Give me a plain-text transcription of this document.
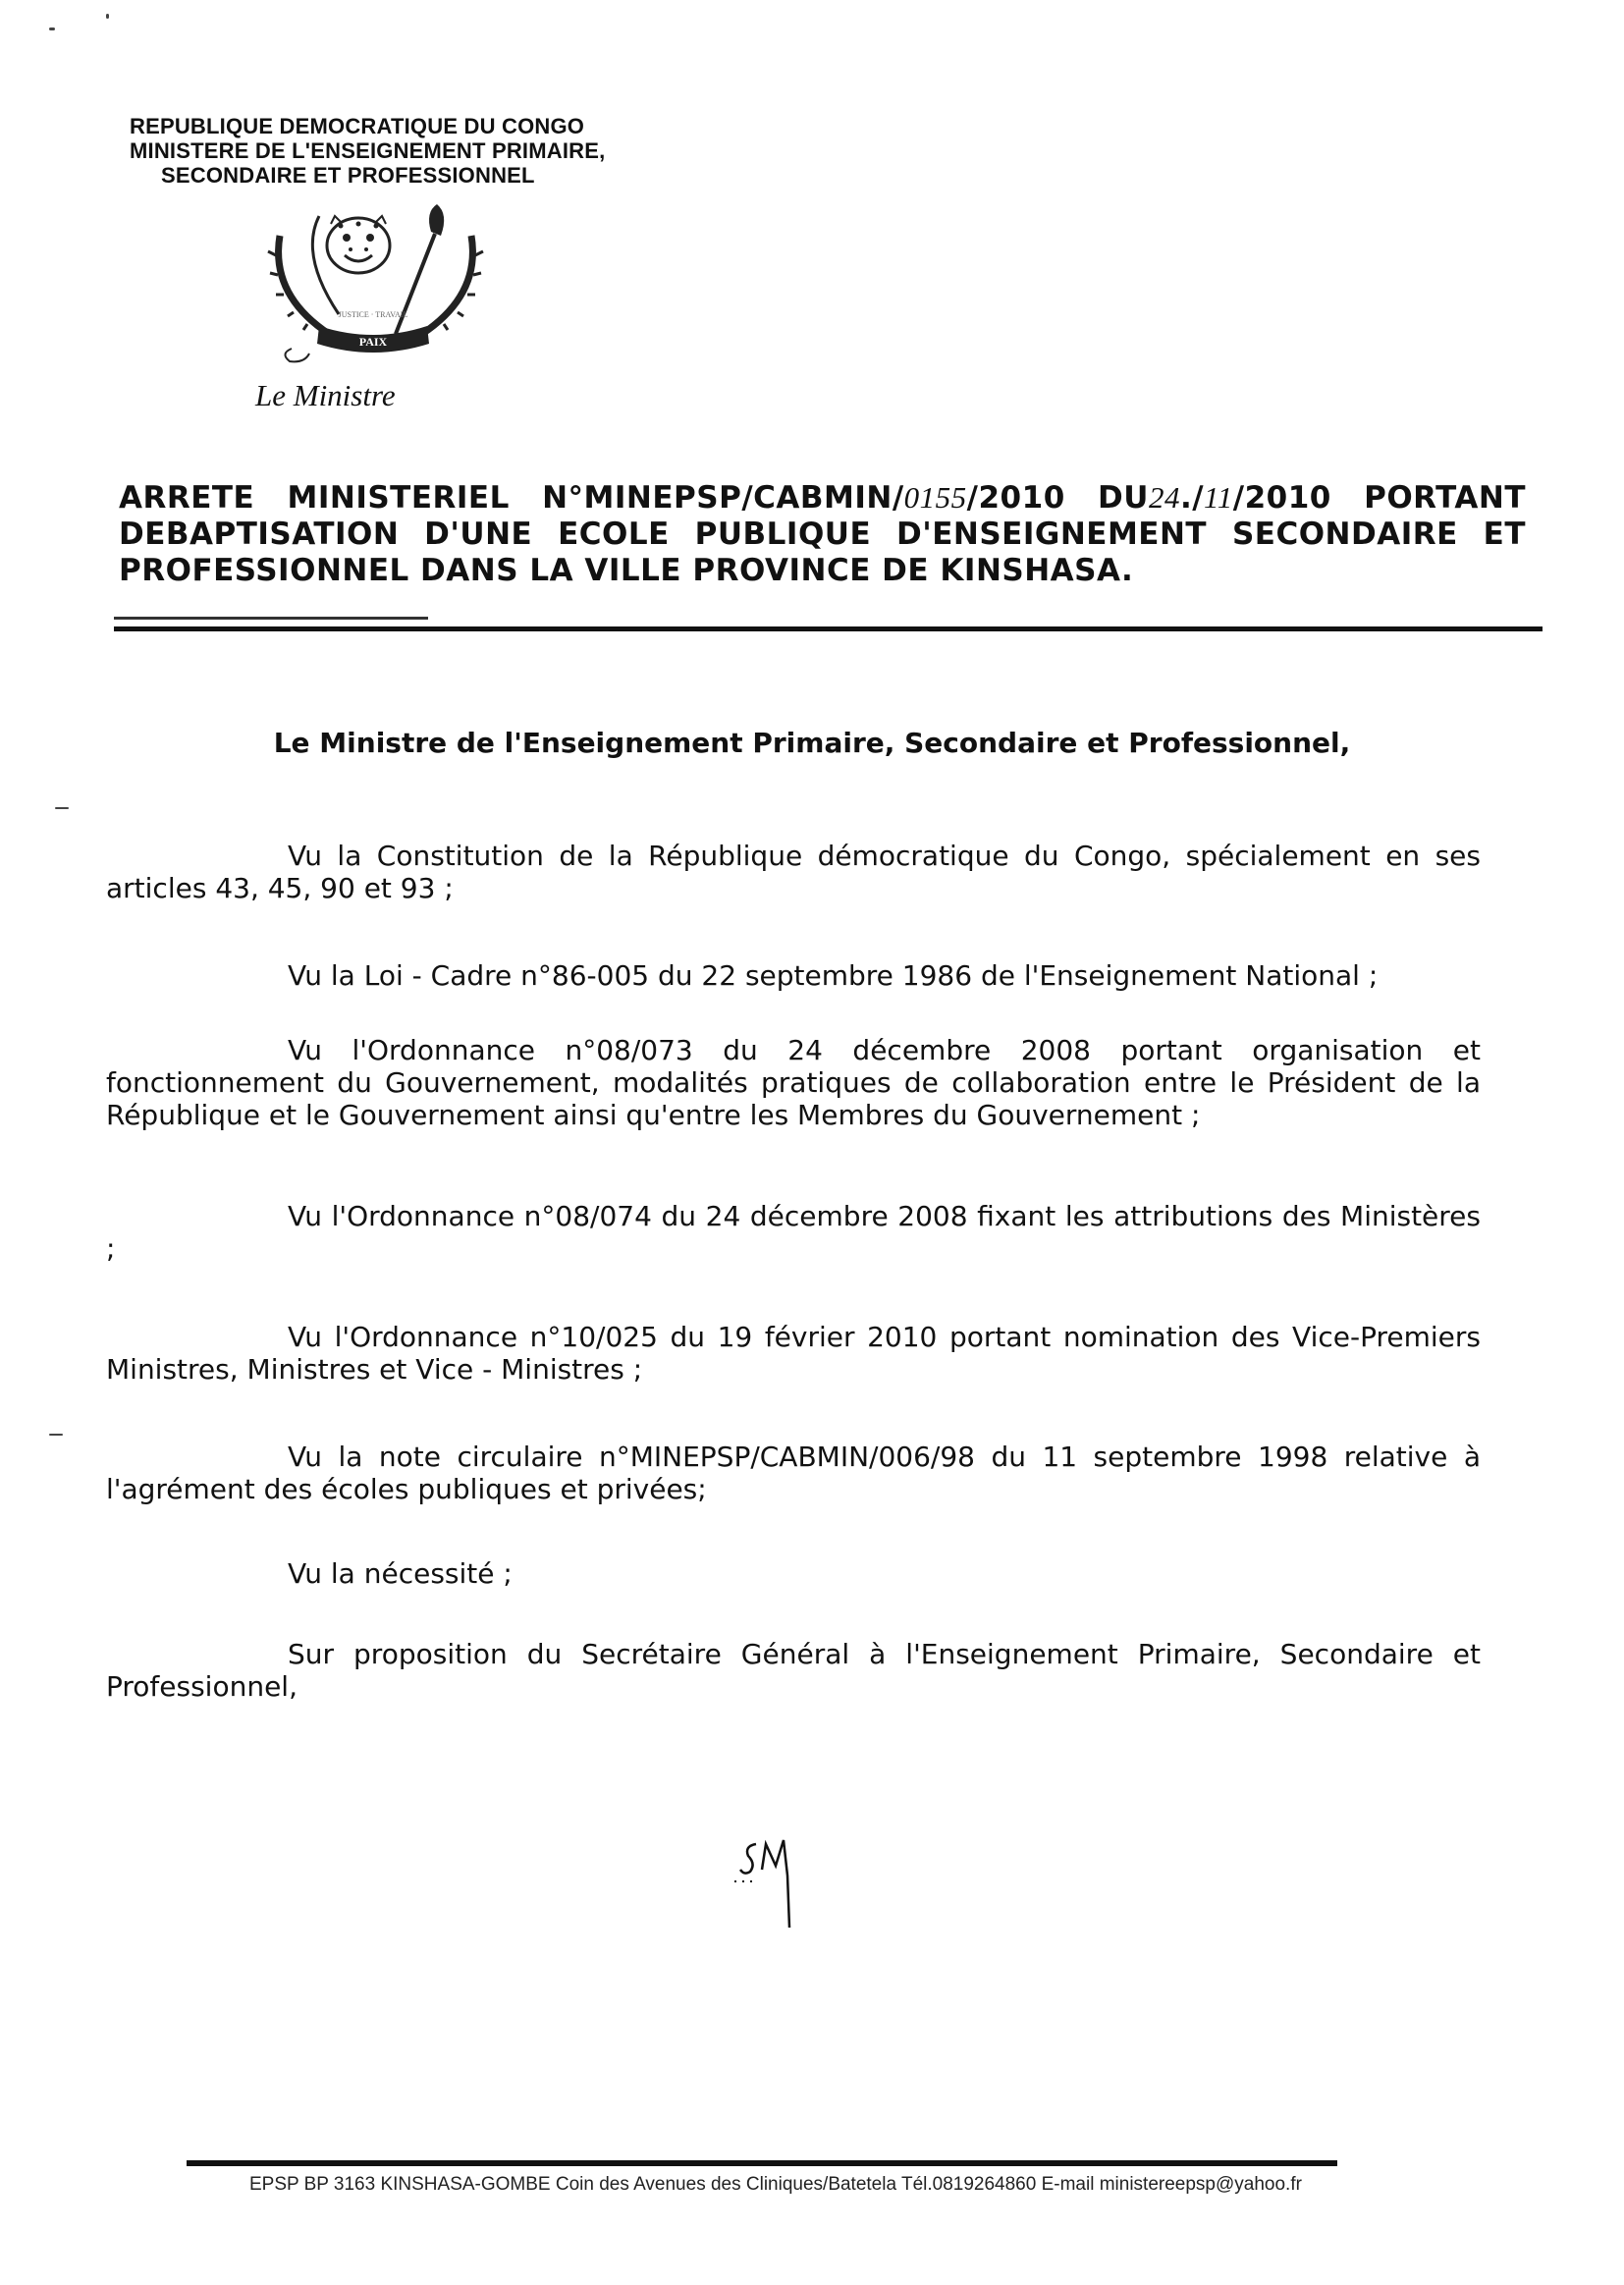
REPUBLIQUE DEMOCRATIQUE DU CONGO
MINISTERE DE L'ENSEIGNEMENT PRIMAIRE,
SECONDAIRE ET PROFESSIONNEL
PAIX
JUSTICE · TRAVAIL
Le Ministre
ARRETE MINISTERIEL N°MINEPSP/CABMIN/0155/2010 DU24./11/2010 PORTANT DEBAPTISATION D'UNE ECOLE PUBLIQUE D'ENSEIGNEMENT SECONDAIRE ET PROFESSIONNEL DANS LA VILLE PROVINCE DE KINSHASA.
Le Ministre de l'Enseignement Primaire, Secondaire et Professionnel,
Vu la Constitution de la République démocratique du Congo, spécialement en ses articles 43, 45, 90 et 93 ;
Vu la Loi - Cadre n°86-005 du 22 septembre 1986 de l'Enseignement National ;
Vu l'Ordonnance n°08/073 du 24 décembre 2008 portant organisation et fonctionnement du Gouvernement, modalités pratiques de collaboration entre le Président de la République et le Gouvernement ainsi qu'entre les Membres du Gouvernement ;
Vu l'Ordonnance n°08/074 du 24 décembre 2008 fixant les attributions des Ministères ;
Vu l'Ordonnance n°10/025 du 19 février 2010 portant nomination des Vice-Premiers Ministres, Ministres et Vice - Ministres ;
Vu la note circulaire n°MINEPSP/CABMIN/006/98 du 11 septembre 1998 relative à l'agrément des écoles publiques et privées;
Vu la nécessité ;
Sur proposition du Secrétaire Général à l'Enseignement Primaire, Secondaire et Professionnel,
SM
EPSP BP 3163 KINSHASA-GOMBE Coin des Avenues des Cliniques/Batetela Tél.0819264860 E-mail ministereepsp@yahoo.fr
